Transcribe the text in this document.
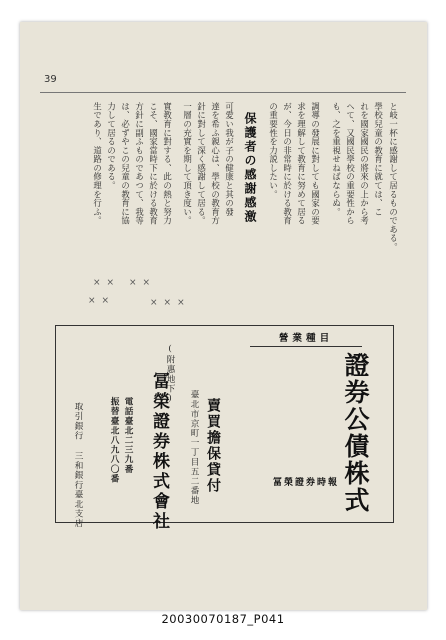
39
と岐一杯に感謝して居るものである。
學校兒童の教育に就ては、こ
れを國家國民の將來の上から考
へて、又國民學校の重要性から
も、之を重視せねばならぬ。
調導の發展に對しても國家の要
求を理解して教育に努めて居る
が、今日の非常時に於ける教育
の重要性を力説したい。
保護者の感謝感激
可愛い我が子の健康と其の發
達を希ふ親心は、學校の教育方
針に對して深く感謝して居る。
一層の充實を期して頂き度い。
實教育に對する、此の熱と努力
こそ、國家當時下に於ける教育
方針に副ふものであつて、我等
は、必ずやこの兒童の教育に協
力して居るのである。
生であり、道路の修理を行ふ。
×× ××
×××
××
(附惠地下)
營業種目
證券公債株式
賣買擔保貸付
臺北市京町一丁目五二番地
電話臺北二三九番
振替臺北八九八〇番 冨榮證券株式會社
取引銀行 三和銀行臺北支店	冨榮證券時報
20030070187_P041
